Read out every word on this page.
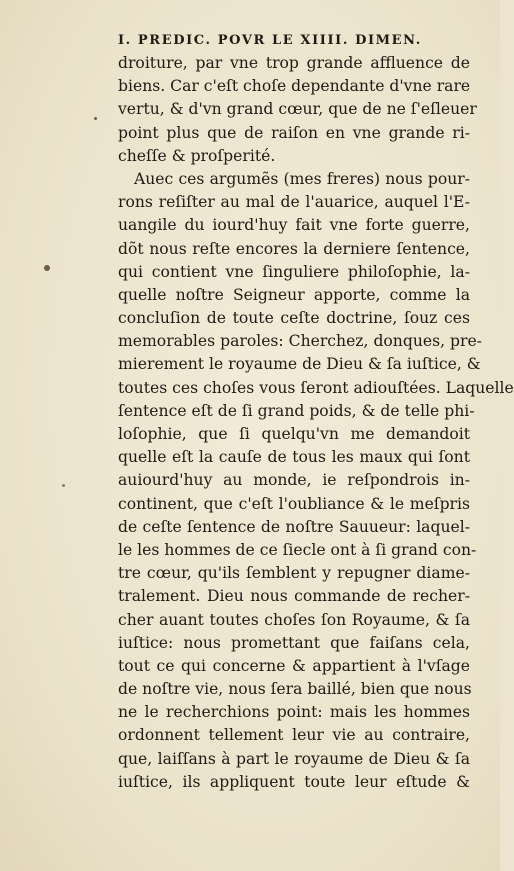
I. PREDIC. POVR LE XIIII. DIMEN.
droiture, par vne trop grande affluence de
biens. Car c'eſt choſe dependante d'vne rare
vertu, & d'vn grand cœur, que de ne ſ'eſleuer
point plus que de raiſon en vne grande ri-
cheſſe & proſperité.
Auec ces argumẽs (mes freres) nous pour-
rons reſiſter au mal de l'auarice, auquel l'E-
uangile du iourd'huy fait vne forte guerre,
dõt nous reſte encores la derniere ſentence,
qui contient vne ſinguliere philoſophie, la-
quelle noſtre Seigneur apporte, comme la
concluſion de toute ceſte doctrine, ſouz ces
memorables paroles: Cherchez, donques, pre-
mierement le royaume de Dieu & ſa iuſtice, &
toutes ces choſes vous ſeront adiouſtées. Laquelle
ſentence eſt de ſi grand poids, & de telle phi-
loſophie, que ſi quelqu'vn me demandoit
quelle eſt la cauſe de tous les maux qui ſont
auiourd'huy au monde, ie reſpondrois in-
continent, que c'eſt l'oubliance & le meſpris
de ceſte ſentence de noſtre Sauueur: laquel-
le les hommes de ce ſiecle ont à ſi grand con-
tre cœur, qu'ils ſemblent y repugner diame-
tralement. Dieu nous commande de recher-
cher auant toutes choſes ſon Royaume, & ſa
iuſtice: nous promettant que faiſans cela,
tout ce qui concerne & appartient à l'vſage
de noſtre vie, nous ſera baillé, bien que nous
ne le recherchions point: mais les hommes
ordonnent tellement leur vie au contraire,
que, laiſſans à part le royaume de Dieu & ſa
iuſtice, ils appliquent toute leur eſtude &
